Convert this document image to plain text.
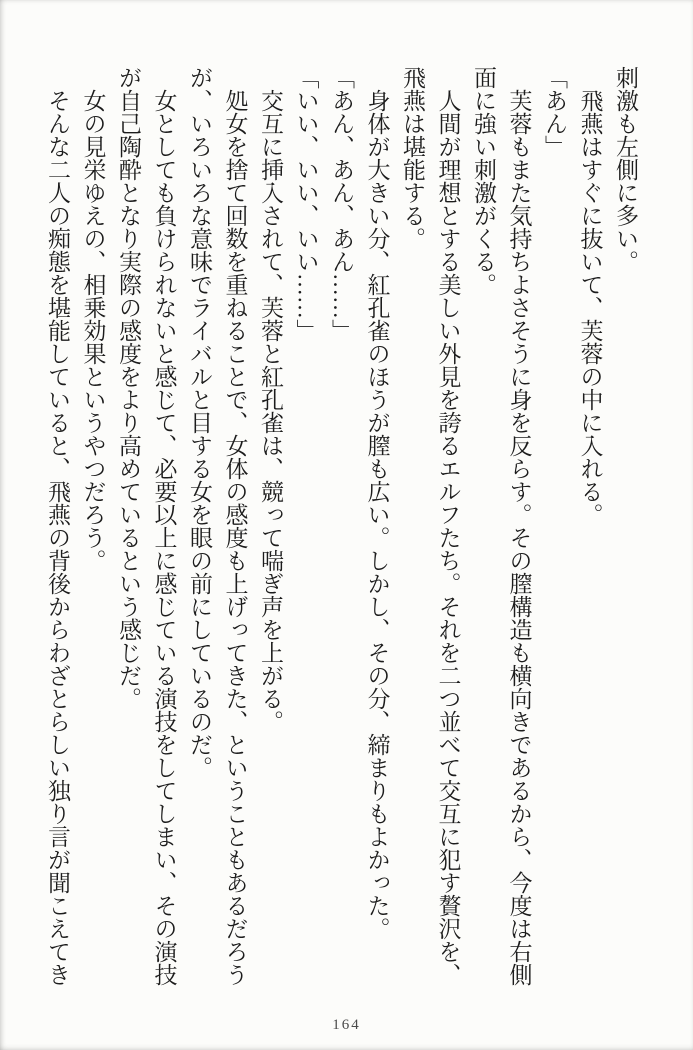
刺激も左側に多い。

飛燕はすぐに抜いて、芙蓉の中に入れる。

「あん」

芙蓉もまた気持ちよさそうに身を反らす。その膣構造も横向きであるから、今度は右側面に強い刺激がくる。

人間が理想とする美しい外見を誇るエルフたち。それを二つ並べて交互に犯す贅沢を、飛燕は堪能する。

身体が大きい分、紅孔雀のほうが膣も広い。しかし、その分、締まりもよかった。

「あん、あん、あん……」

「いい、いい、いい……」

交互に挿入されて、芙蓉と紅孔雀は、競って喘ぎ声を上がる。

処女を捨て回数を重ねることで、女体の感度も上げってきた、ということもあるだろうが、いろいろな意味でライバルと目する女を眼の前にしているのだ。

女としても負けられないと感じて、必要以上に感じている演技をしてしまい、その演技が自己陶酔となり実際の感度をより高めているという感じだ。

女の見栄ゆえの、相乗効果というやつだろう。

そんな二人の痴態を堪能していると、飛燕の背後からわざとらしい独り言が聞こえてき

164
